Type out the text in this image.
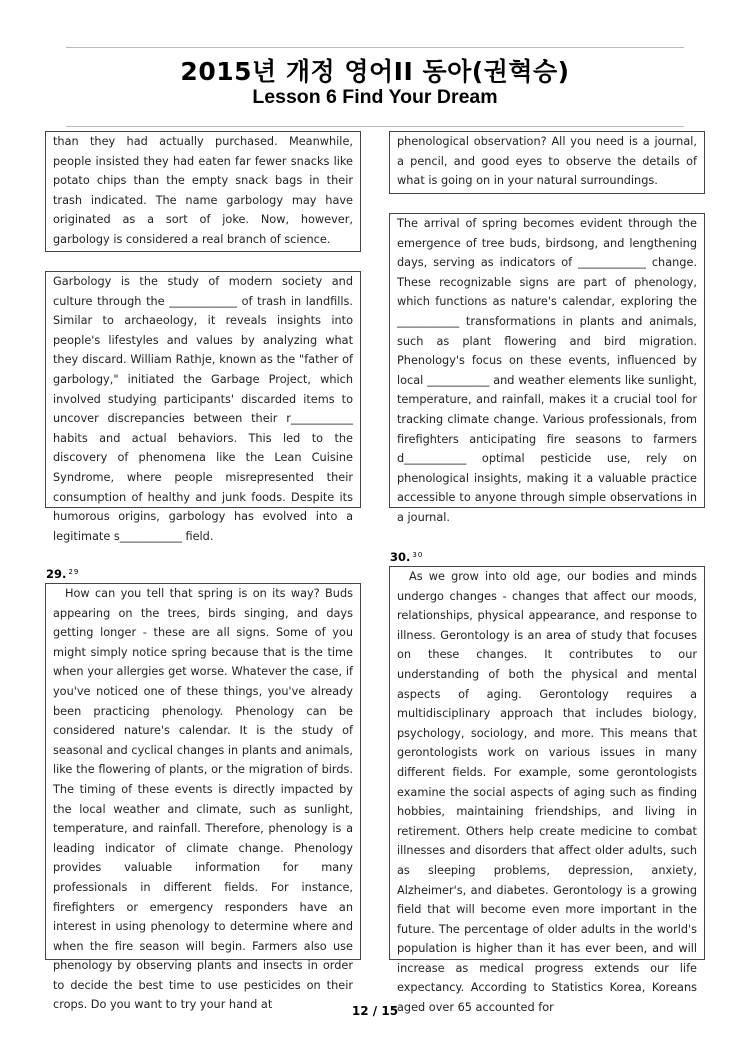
2015년 개정 영어II 동아(권혁승)
Lesson 6 Find Your Dream

than they had actually purchased. Meanwhile, people insisted they had eaten far fewer snacks like potato chips than the empty snack bags in their trash indicated. The name garbology may have originated as a sort of joke. Now, however, garbology is considered a real branch of science.

Garbology is the study of modern society and culture through the ____________ of trash in landfills. Similar to archaeology, it reveals insights into people's lifestyles and values by analyzing what they discard. William Rathje, known as the "father of garbology," initiated the Garbage Project, which involved studying participants' discarded items to uncover discrepancies between their r___________ habits and actual behaviors. This led to the discovery of phenomena like the Lean Cuisine Syndrome, where people misrepresented their consumption of healthy and junk foods. Despite its humorous origins, garbology has evolved into a legitimate s___________ field.

29. $^{29}$

How can you tell that spring is on its way? Buds appearing on the trees, birds singing, and days getting longer - these are all signs. Some of you might simply notice spring because that is the time when your allergies get worse. Whatever the case, if you've noticed one of these things, you've already been practicing phenology. Phenology can be considered nature's calendar. It is the study of seasonal and cyclical changes in plants and animals, like the flowering of plants, or the migration of birds. The timing of these events is directly impacted by the local weather and climate, such as sunlight, temperature, and rainfall. Therefore, phenology is a leading indicator of climate change. Phenology provides valuable information for many professionals in different fields. For instance, firefighters or emergency responders have an interest in using phenology to determine where and when the fire season will begin. Farmers also use phenology by observing plants and insects in order to decide the best time to use pesticides on their crops. Do you want to try your hand at

phenological observation? All you need is a journal, a pencil, and good eyes to observe the details of what is going on in your natural surroundings.

The arrival of spring becomes evident through the emergence of tree buds, birdsong, and lengthening days, serving as indicators of ____________ change. These recognizable signs are part of phenology, which functions as nature's calendar, exploring the ___________ transformations in plants and animals, such as plant flowering and bird migration. Phenology's focus on these events, influenced by local ___________ and weather elements like sunlight, temperature, and rainfall, makes it a crucial tool for tracking climate change. Various professionals, from firefighters anticipating fire seasons to farmers d___________ optimal pesticide use, rely on phenological insights, making it a valuable practice accessible to anyone through simple observations in a journal.

30. $^{30}$

As we grow into old age, our bodies and minds undergo changes - changes that affect our moods, relationships, physical appearance, and response to illness. Gerontology is an area of study that focuses on these changes. It contributes to our understanding of both the physical and mental aspects of aging. Gerontology requires a multidisciplinary approach that includes biology, psychology, sociology, and more. This means that gerontologists work on various issues in many different fields. For example, some gerontologists examine the social aspects of aging such as finding hobbies, maintaining friendships, and living in retirement. Others help create medicine to combat illnesses and disorders that affect older adults, such as sleeping problems, depression, anxiety, Alzheimer's, and diabetes. Gerontology is a growing field that will become even more important in the future. The percentage of older adults in the world's population is higher than it has ever been, and will increase as medical progress extends our life expectancy. According to Statistics Korea, Koreans aged over 65 accounted for

12 / 15
